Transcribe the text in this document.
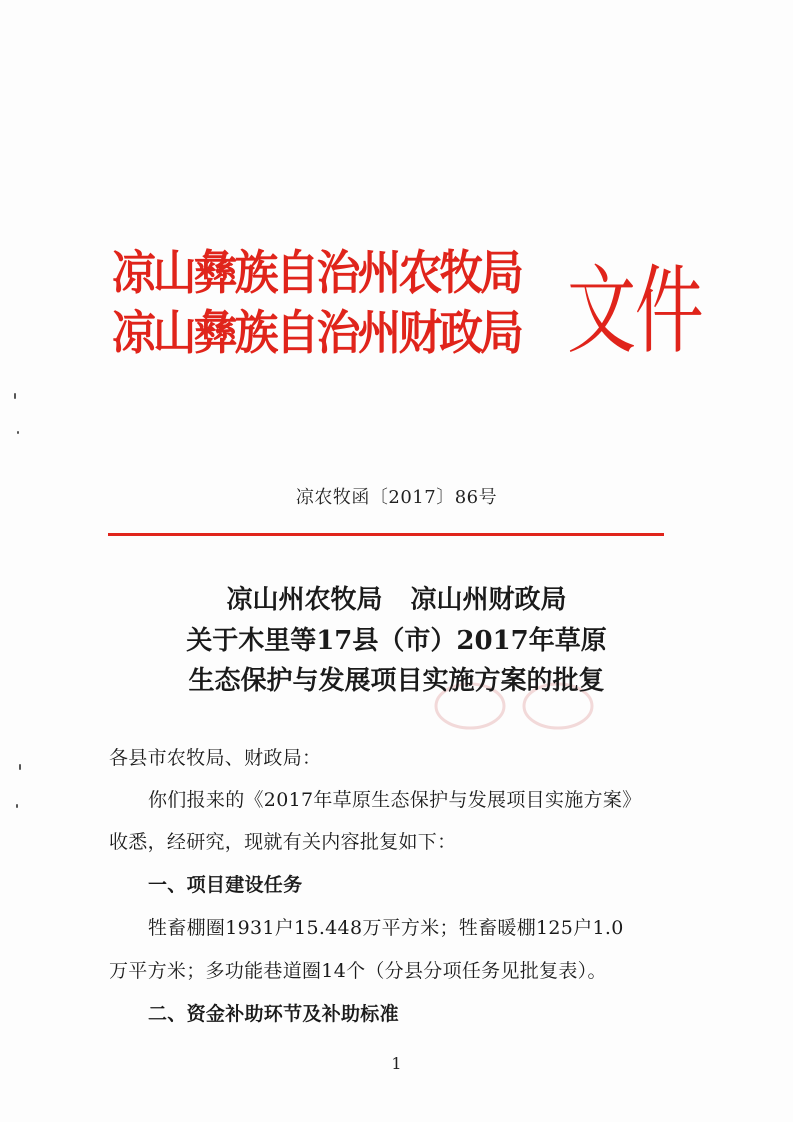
凉山彝族自治州农牧局
凉山彝族自治州财政局 文件
凉农牧函〔2017〕86号
凉山州农牧局 凉山州财政局
关于木里等17县（市）2017年草原
生态保护与发展项目实施方案的批复
各县市农牧局、财政局：
你们报来的《2017年草原生态保护与发展项目实施方案》
收悉，经研究，现就有关内容批复如下：
一、项目建设任务
牲畜棚圈1931户15.448万平方米；牲畜暖棚125户1.0
万平方米；多功能巷道圈14个（分县分项任务见批复表）。
二、资金补助环节及补助标准
1
